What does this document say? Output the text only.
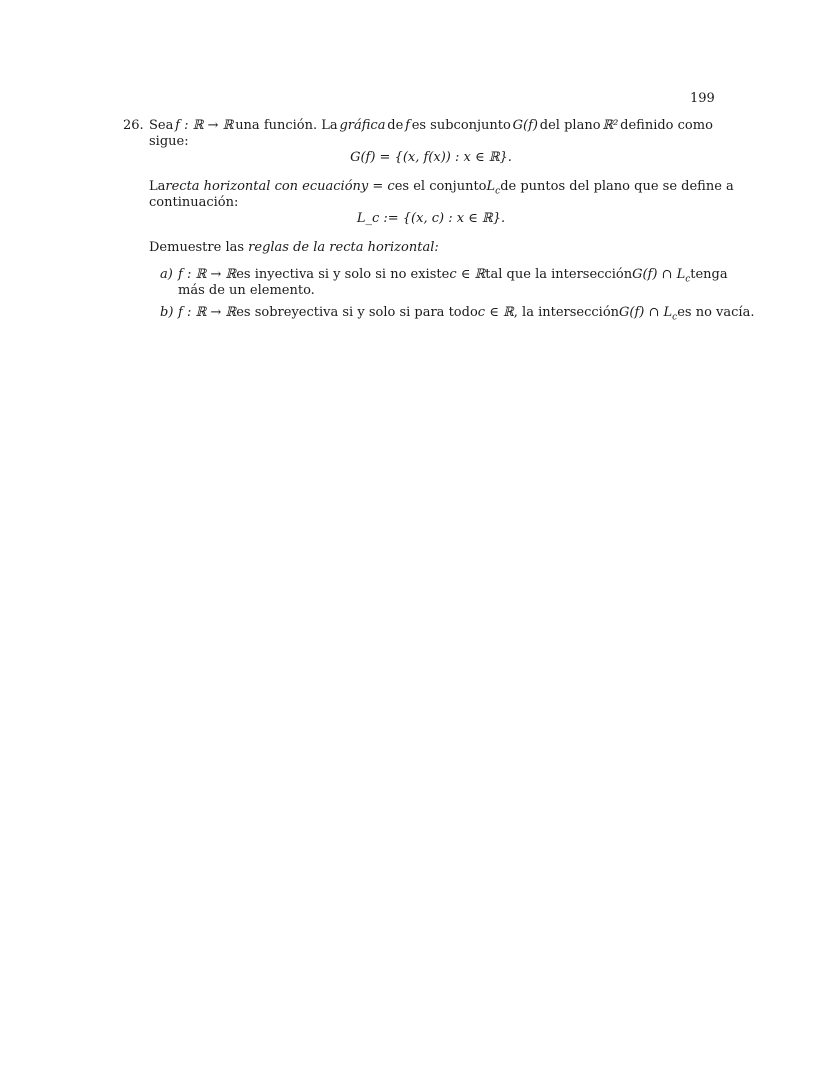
199
26. Sea f : ℝ → ℝ una función. La gráfica de f es subconjunto G(f) del plano ℝ² definido como
sigue:
G(f) = {(x, f(x)) : x ∈ ℝ}.
La recta horizontal con ecuación y = c es el conjunto $L_c$ de puntos del plano que se define a
continuación:
L_c := {(x, c) : x ∈ ℝ}.
Demuestre las reglas de la recta horizontal:
a) f : ℝ → ℝ es inyectiva si y solo si no existe c ∈ ℝ tal que la intersección G(f) ∩ $L_c$ tenga
más de un elemento.
b) f : ℝ → ℝ es sobreyectiva si y solo si para todo c ∈ ℝ , la intersección G(f) ∩ $L_c$ es no vacía.
